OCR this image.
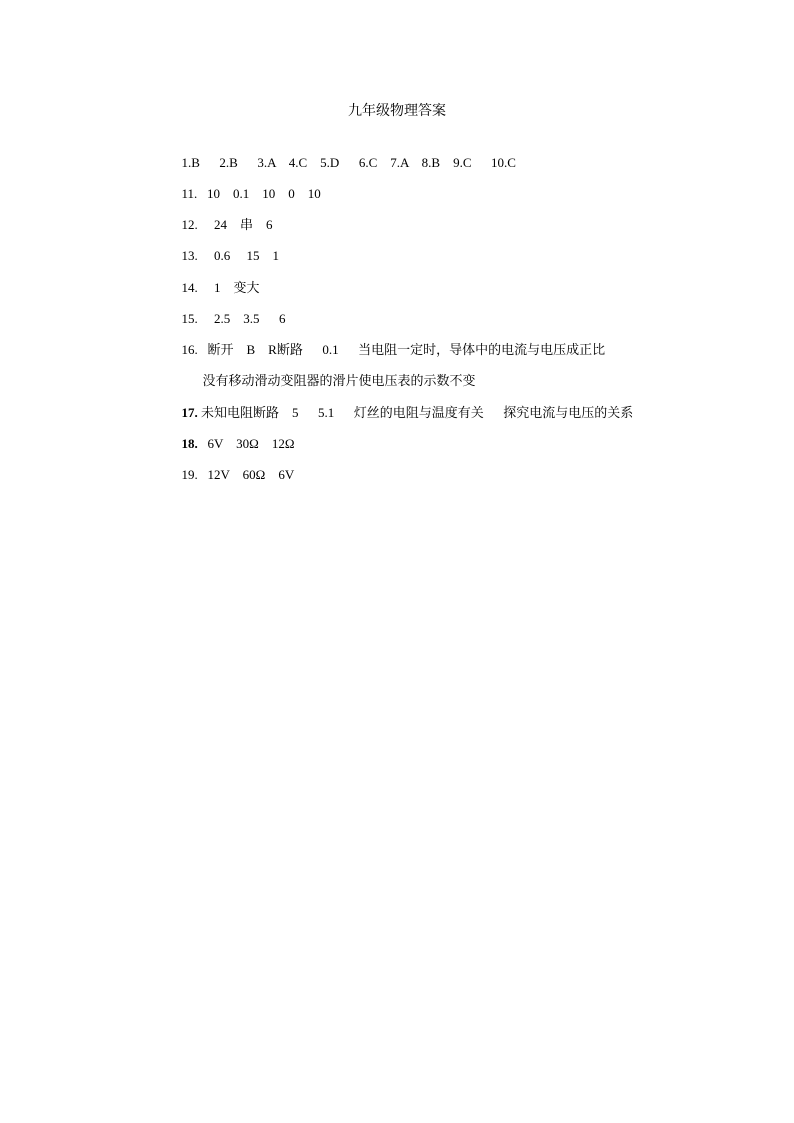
九年级物理答案

1.B      2.B      3.A    4.C    5.D      6.C    7.A    8.B    9.C      10.C

11.   10    0.1    10    0    10

12.     24    串    6

13.     0.6     15    1

14.     1    变大

15.     2.5    3.5      6

16.   断开    B    R断路      0.1      当电阻一定时，导体中的电流与电压成正比

没有移动滑动变阻器的滑片使电压表的示数不变

17. 未知电阻断路    5      5.1      灯丝的电阻与温度有关      探究电流与电压的关系

18.   6V    30Ω    12Ω

19.   12V    60Ω    6V
